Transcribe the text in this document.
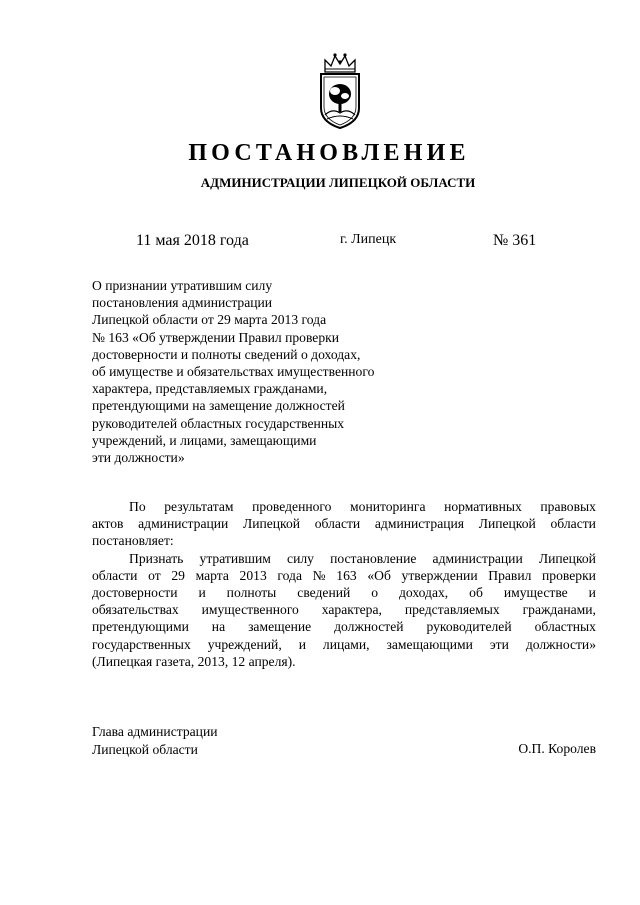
ПОСТАНОВЛЕНИЕ
АДМИНИСТРАЦИИ ЛИПЕЦКОЙ ОБЛАСТИ
11 мая 2018 года	г. Липецк	№ 361
О признании утратившим силу
постановления администрации
Липецкой области от 29 марта 2013 года
№ 163 «Об утверждении Правил проверки
достоверности и полноты сведений о доходах,
об имуществе и обязательствах имущественного
характера, представляемых гражданами,
претендующими на замещение должностей
руководителей областных государственных
учреждений, и лицами, замещающими
эти должности»
По результатам проведенного мониторинга нормативных правовых
актов администрации Липецкой области администрация Липецкой области
постановляет:
Признать утратившим силу постановление администрации Липецкой
области от 29 марта 2013 года № 163 «Об утверждении Правил проверки
достоверности и полноты сведений о доходах, об имуществе и
обязательствах имущественного характера, представляемых гражданами,
претендующими на замещение должностей руководителей областных
государственных учреждений, и лицами, замещающими эти должности»
(Липецкая газета, 2013, 12 апреля).
Глава администрации
Липецкой области	О.П. Королев
